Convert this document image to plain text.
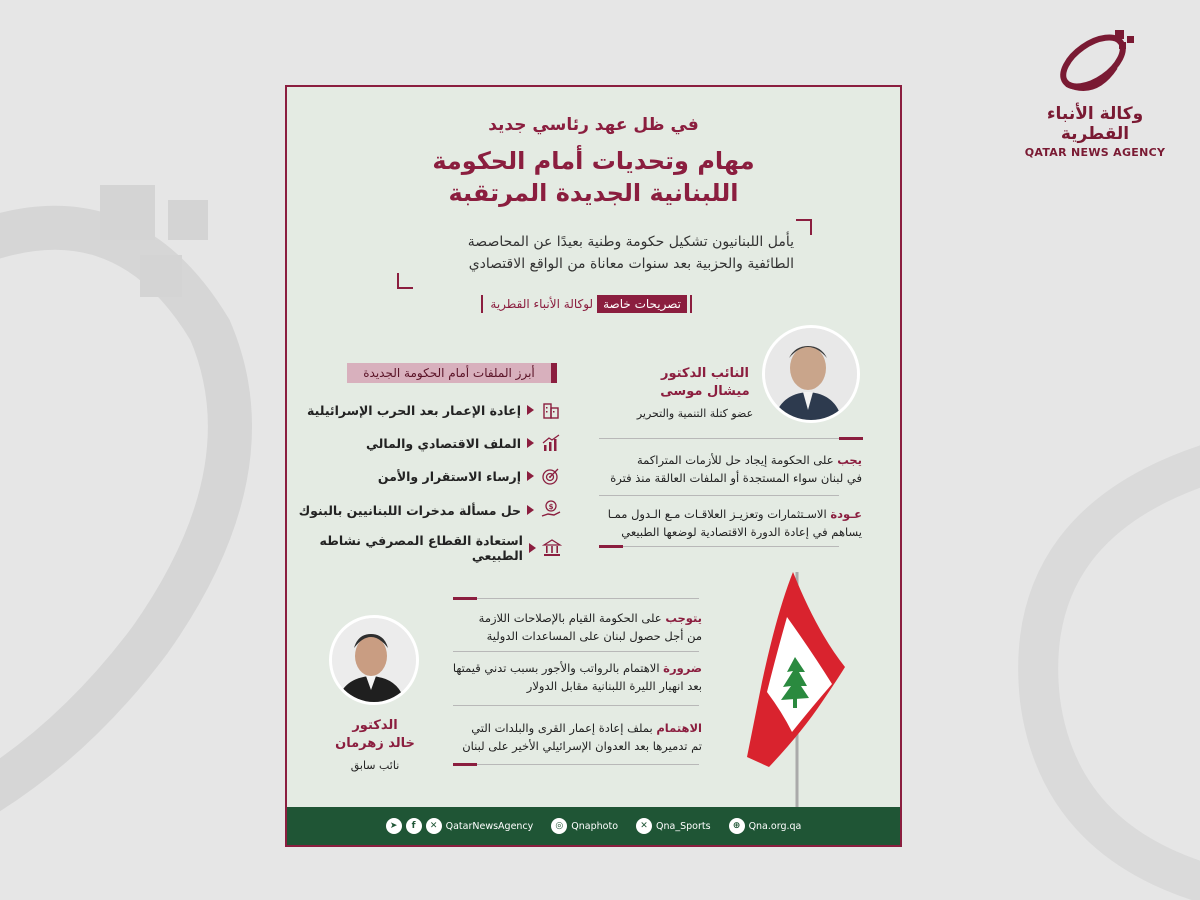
وكالة الأنباء القطرية
QATAR NEWS AGENCY
في ظل عهد رئاسي جديد
مهام وتحديات أمام الحكومة
اللبنانية الجديدة المرتقبة
يأمل اللبنانيون تشكيل حكومة وطنية بعيدًا عن المحاصصة
الطائفية والحزبية بعد سنوات معاناة من الواقع الاقتصادي
تصريحات خاصة
لوكالة الأنباء القطرية
أبرز الملفات أمام الحكومة الجديدة
إعادة الإعمار بعد الحرب الإسرائيلية
الملف الاقتصادي والمالي
إرساء الاستقرار والأمن
$
حل مسألة مدخرات اللبنانيين بالبنوك
استعادة القطاع المصرفي نشاطه الطبيعي
النائب الدكتور
ميشال موسى
عضو كتلة التنمية والتحرير
يجب على الحكومة إيجاد حل للأزمات المتراكمة
في لبنان سواء المستجدة أو الملفات العالقة منذ فترة
عـودة الاسـتثمارات وتعزيـز العلاقـات مـع الـدول ممـا
يساهم في إعادة الدورة الاقتصادية لوضعها الطبيعي
يتوجب على الحكومة القيام بالإصلاحات اللازمة
من أجل حصول لبنان على المساعدات الدولية
ضرورة الاهتمام بالرواتب والأجور بسبب تدني قيمتها
بعد انهيار الليرة اللبنانية مقابل الدولار
الاهتمام بملف إعادة إعمار القرى والبلدات التي
تم تدميرها بعد العدوان الإسرائيلي الأخير على لبنان
الدكتور
خالد زهرمان
نائب سابق
➤	f	✕ QatarNewsAgency	◎ Qnaphoto	✕ Qna_Sports	⊕ Qna.org.qa
